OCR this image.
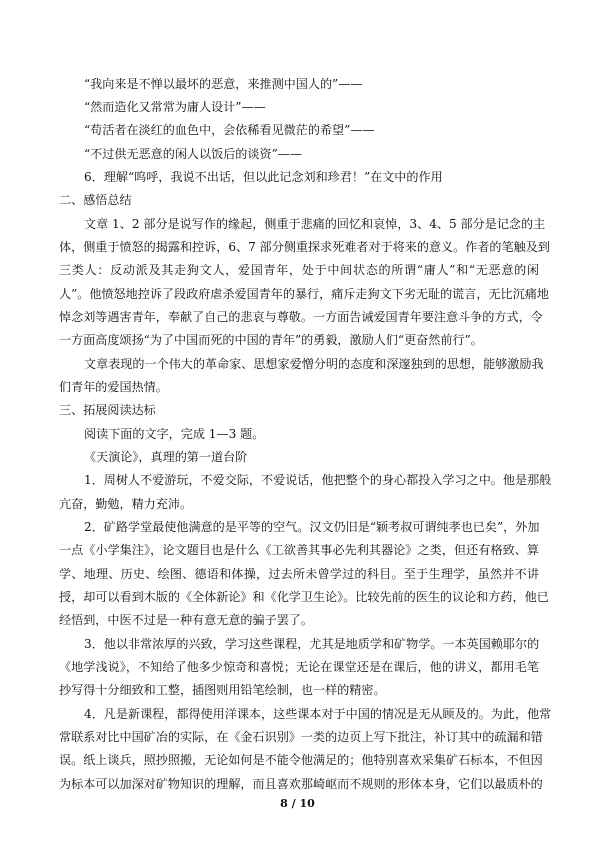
“我向来是不惮以最坏的恶意，来推测中国人的”——
“然而造化又常常为庸人设计”——
“苟活者在淡红的血色中，会依稀看见微茫的希望”——
“不过供无恶意的闲人以饭后的谈资”——
6．理解“呜呼，我说不出话，但以此记念刘和珍君！”在文中的作用
二、感悟总结
文章 1、2 部分是说写作的缘起，侧重于悲痛的回忆和哀悼，3、4、5 部分是记念的主
体，侧重于愤怒的揭露和控诉，6、7 部分侧重探求死难者对于将来的意义。作者的笔触及到
三类人：反动派及其走狗文人，爱国青年，处于中间状态的所谓“庸人”和“无恶意的闲
人”。他愤怒地控诉了段政府虐杀爱国青年的暴行，痛斥走狗文下劣无耻的谎言，无比沉痛地
悼念刘等遇害青年，奉献了自己的悲哀与尊敬。一方面告诫爱国青年要注意斗争的方式，令
一方面高度颂扬“为了中国而死的中国的青年”的勇毅，激励人们“更奋然前行”。
文章表现的一个伟大的革命家、思想家爱憎分明的态度和深邃独到的思想，能够激励我
们青年的爱国热情。
三、拓展阅读达标
阅读下面的文字，完成 1—3 题。
《天演论》，真理的第一道台阶
1．周树人不爱游玩，不爱交际，不爱说话，他把整个的身心都投入学习之中。他是那般
亢奋，勤勉，精力充沛。
2．矿路学堂最使他满意的是平等的空气。汉文仍旧是“颖考叔可谓纯孝也已矣”，外加
一点《小学集注》，论文题目也是什么《工欲善其事必先利其器论》之类，但还有格致、算
学、地理、历史、绘图、德语和体操，过去所未曾学过的科目。至于生理学，虽然并不讲
授，却可以看到木版的《全体新论》和《化学卫生论》。比较先前的医生的议论和方药，他已
经悟到，中医不过是一种有意无意的骗子罢了。
3．他以非常浓厚的兴致，学习这些课程，尤其是地质学和矿物学。一本英国赖耶尔的
《地学浅说》，不知给了他多少惊奇和喜悦；无论在课堂还是在课后，他的讲义，都用毛笔
抄写得十分细致和工整，插图则用铅笔绘制，也一样的精密。
4．凡是新课程，都得使用洋课本，这些课本对于中国的情况是无从顾及的。为此，他常
常联系对比中国矿冶的实际，在《金石识别》一类的边页上写下批注，补订其中的疏漏和错
误。纸上谈兵，照抄照搬，无论如何是不能令他满足的；他特别喜欢采集矿石标本，不但因
为标本可以加深对矿物知识的理解，而且喜欢那崎岖而不规则的形体本身，它们以最质朴的
8 / 10
